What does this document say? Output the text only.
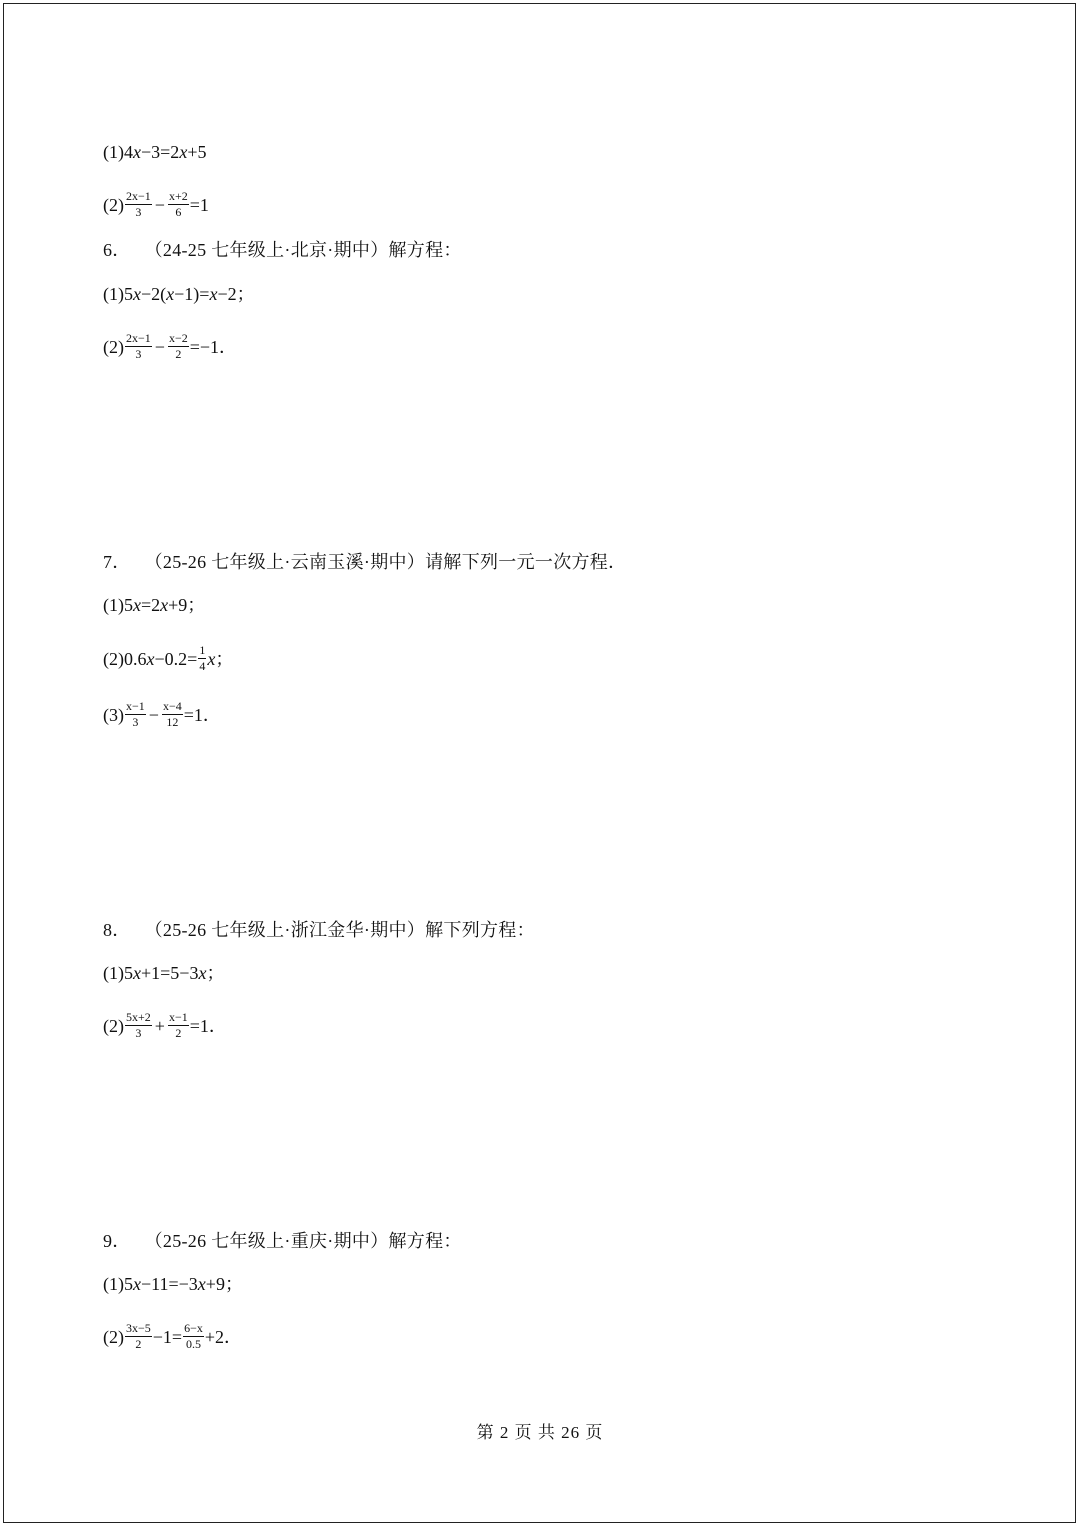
(1)4 x −3=2 x +5
$(2) \frac{2x-1}{3} - \frac{x+2}{6} =1$
6． （24-25 七年级上·北京·期中）解方程：
(1)5 x −2( x −1)= x −2；
$(2) \frac{2x-1}{3} - \frac{x-2}{2} =-1$．
7． （25-26 七年级上·云南玉溪·期中）请解下列一元一次方程．
(1)5 x =2 x +9；
(2)0.6 $x -0.2= \frac{1}{4}$ x ；
$(3) \frac{x-1}{3} - \frac{x-4}{12} =1$．
8． （25-26 七年级上·浙江金华·期中）解下列方程：
(1)5 x +1=5−3 x ；
$(2) \frac{5x+2}{3} + \frac{x-1}{2} =1$．
9． （25-26 七年级上·重庆·期中）解方程：
(1)5 x −11=−3 x +9；
$(2) \frac{3x-5}{2} -1= \frac{6-x}{0.5} +2$．
第 2 页 共 26 页
